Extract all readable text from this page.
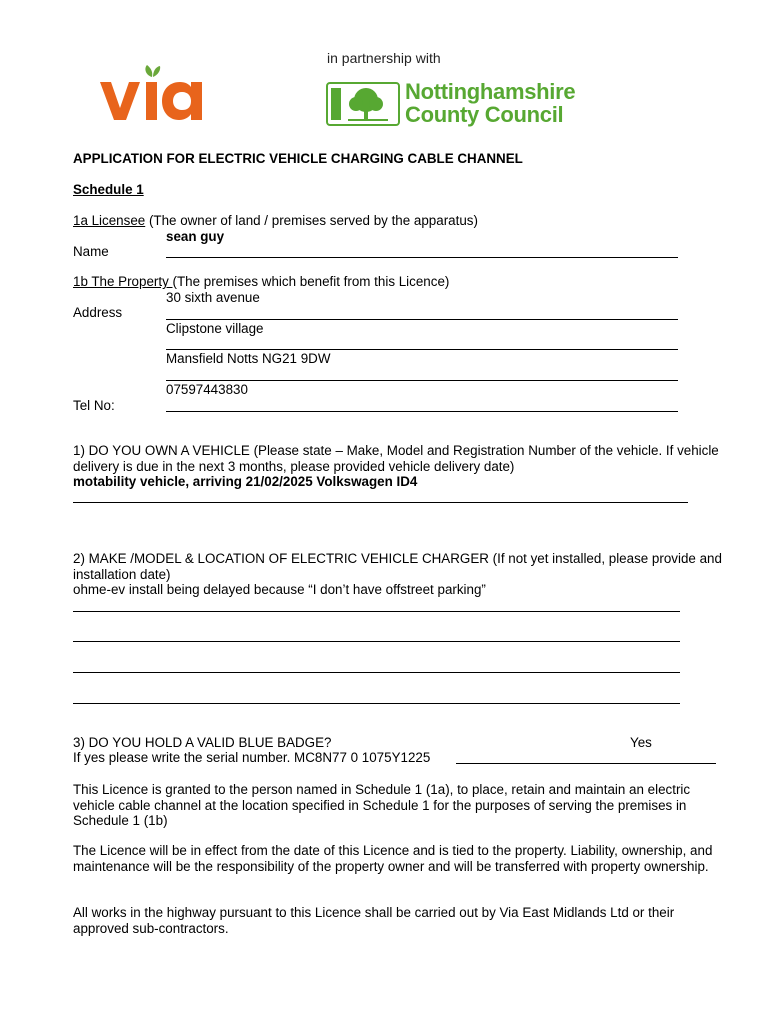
in partnership with
Nottinghamshire
County Council
APPLICATION FOR ELECTRIC VEHICLE CHARGING CABLE CHANNEL
Schedule 1
1a Licensee (The owner of land / premises served by the apparatus)
sean guy
Name
1b The Property (The premises which benefit from this Licence)
30 sixth avenue
Address
Clipstone village
Mansfield Notts NG21 9DW
07597443830
Tel No:
1) DO YOU OWN A VEHICLE (Please state – Make, Model and Registration Number of the vehicle. If vehicle delivery is due in the next 3 months, please provided vehicle delivery date)
motability vehicle, arriving 21/02/2025 Volkswagen ID4
2) MAKE /MODEL & LOCATION OF ELECTRIC VEHICLE CHARGER (If not yet installed, please provide and installation date)
ohme-ev install being delayed because “I don’t have offstreet parking”
3) DO YOU HOLD A VALID BLUE BADGE?	Yes
If yes please write the serial number. MC8N77 0 1075Y1225
This Licence is granted to the person named in Schedule 1 (1a), to place, retain and maintain an electric vehicle cable channel at the location specified in Schedule 1 for the purposes of serving the premises in Schedule 1 (1b)
The Licence will be in effect from the date of this Licence and is tied to the property. Liability, ownership, and maintenance will be the responsibility of the property owner and will be transferred with property ownership.
All works in the highway pursuant to this Licence shall be carried out by Via East Midlands Ltd or their approved sub-contractors.
